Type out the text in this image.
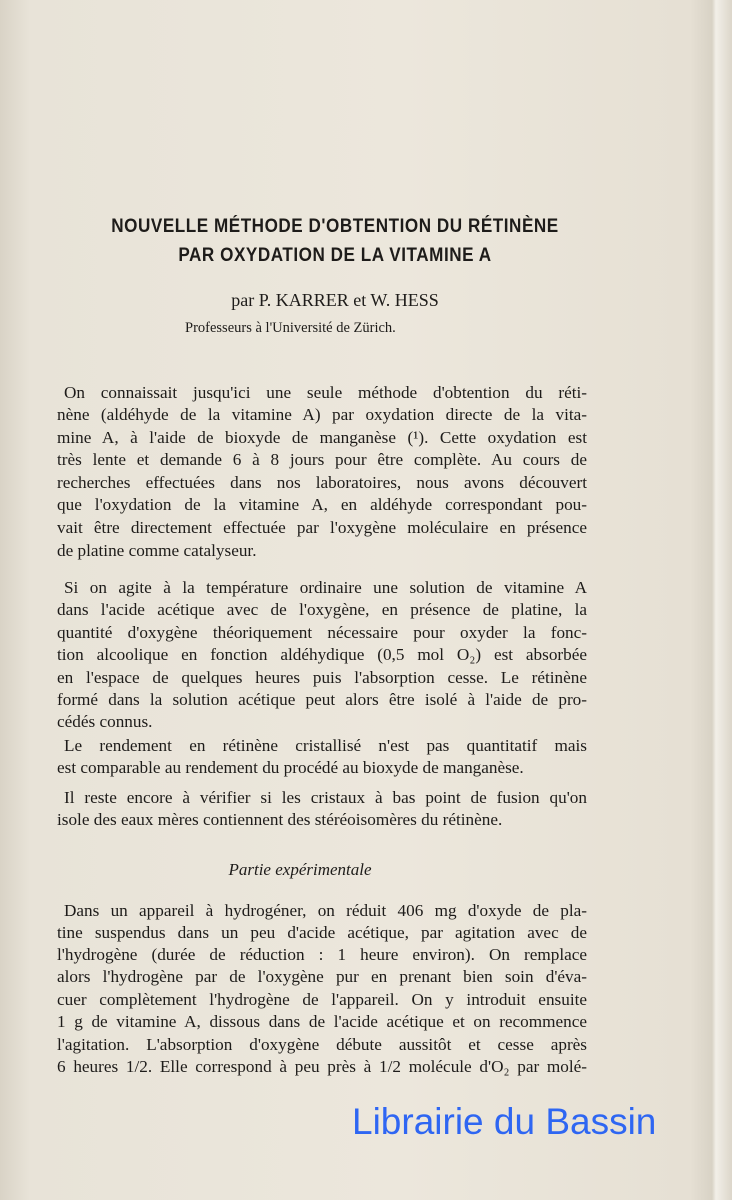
NOUVELLE MÉTHODE D'OBTENTION DU RÉTINÈNE
PAR OXYDATION DE LA VITAMINE A
par P. KARRER et W. HESS
Professeurs à l'Université de Zürich.
Partie expérimentale
On connaissait jusqu'ici une seule méthode d'obtention du réti-
nène (aldéhyde de la vitamine A) par oxydation directe de la vita-
mine A, à l'aide de bioxyde de manganèse (¹). Cette oxydation est
très lente et demande 6 à 8 jours pour être complète. Au cours de
recherches effectuées dans nos laboratoires, nous avons découvert
que l'oxydation de la vitamine A, en aldéhyde correspondant pou-
vait être directement effectuée par l'oxygène moléculaire en présence
de platine comme catalyseur.
Si on agite à la température ordinaire une solution de vitamine A
dans l'acide acétique avec de l'oxygène, en présence de platine, la
quantité d'oxygène théoriquement nécessaire pour oxyder la fonc-
tion alcoolique en fonction aldéhydique (0,5 mol O₂) est absorbée
en l'espace de quelques heures puis l'absorption cesse. Le rétinène
formé dans la solution acétique peut alors être isolé à l'aide de pro-
cédés connus.
Le rendement en rétinène cristallisé n'est pas quantitatif mais
est comparable au rendement du procédé au bioxyde de manganèse.
Il reste encore à vérifier si les cristaux à bas point de fusion qu'on
isole des eaux mères contiennent des stéréoisomères du rétinène.
Dans un appareil à hydrogéner, on réduit 406 mg d'oxyde de pla-
tine suspendus dans un peu d'acide acétique, par agitation avec de
l'hydrogène (durée de réduction : 1 heure environ). On remplace
alors l'hydrogène par de l'oxygène pur en prenant bien soin d'éva-
cuer complètement l'hydrogène de l'appareil. On y introduit ensuite
1 g de vitamine A, dissous dans de l'acide acétique et on recommence
l'agitation. L'absorption d'oxygène débute aussitôt et cesse après
6 heures 1/2. Elle correspond à peu près à 1/2 molécule d'O₂ par molé-
Librairie du Bassin
